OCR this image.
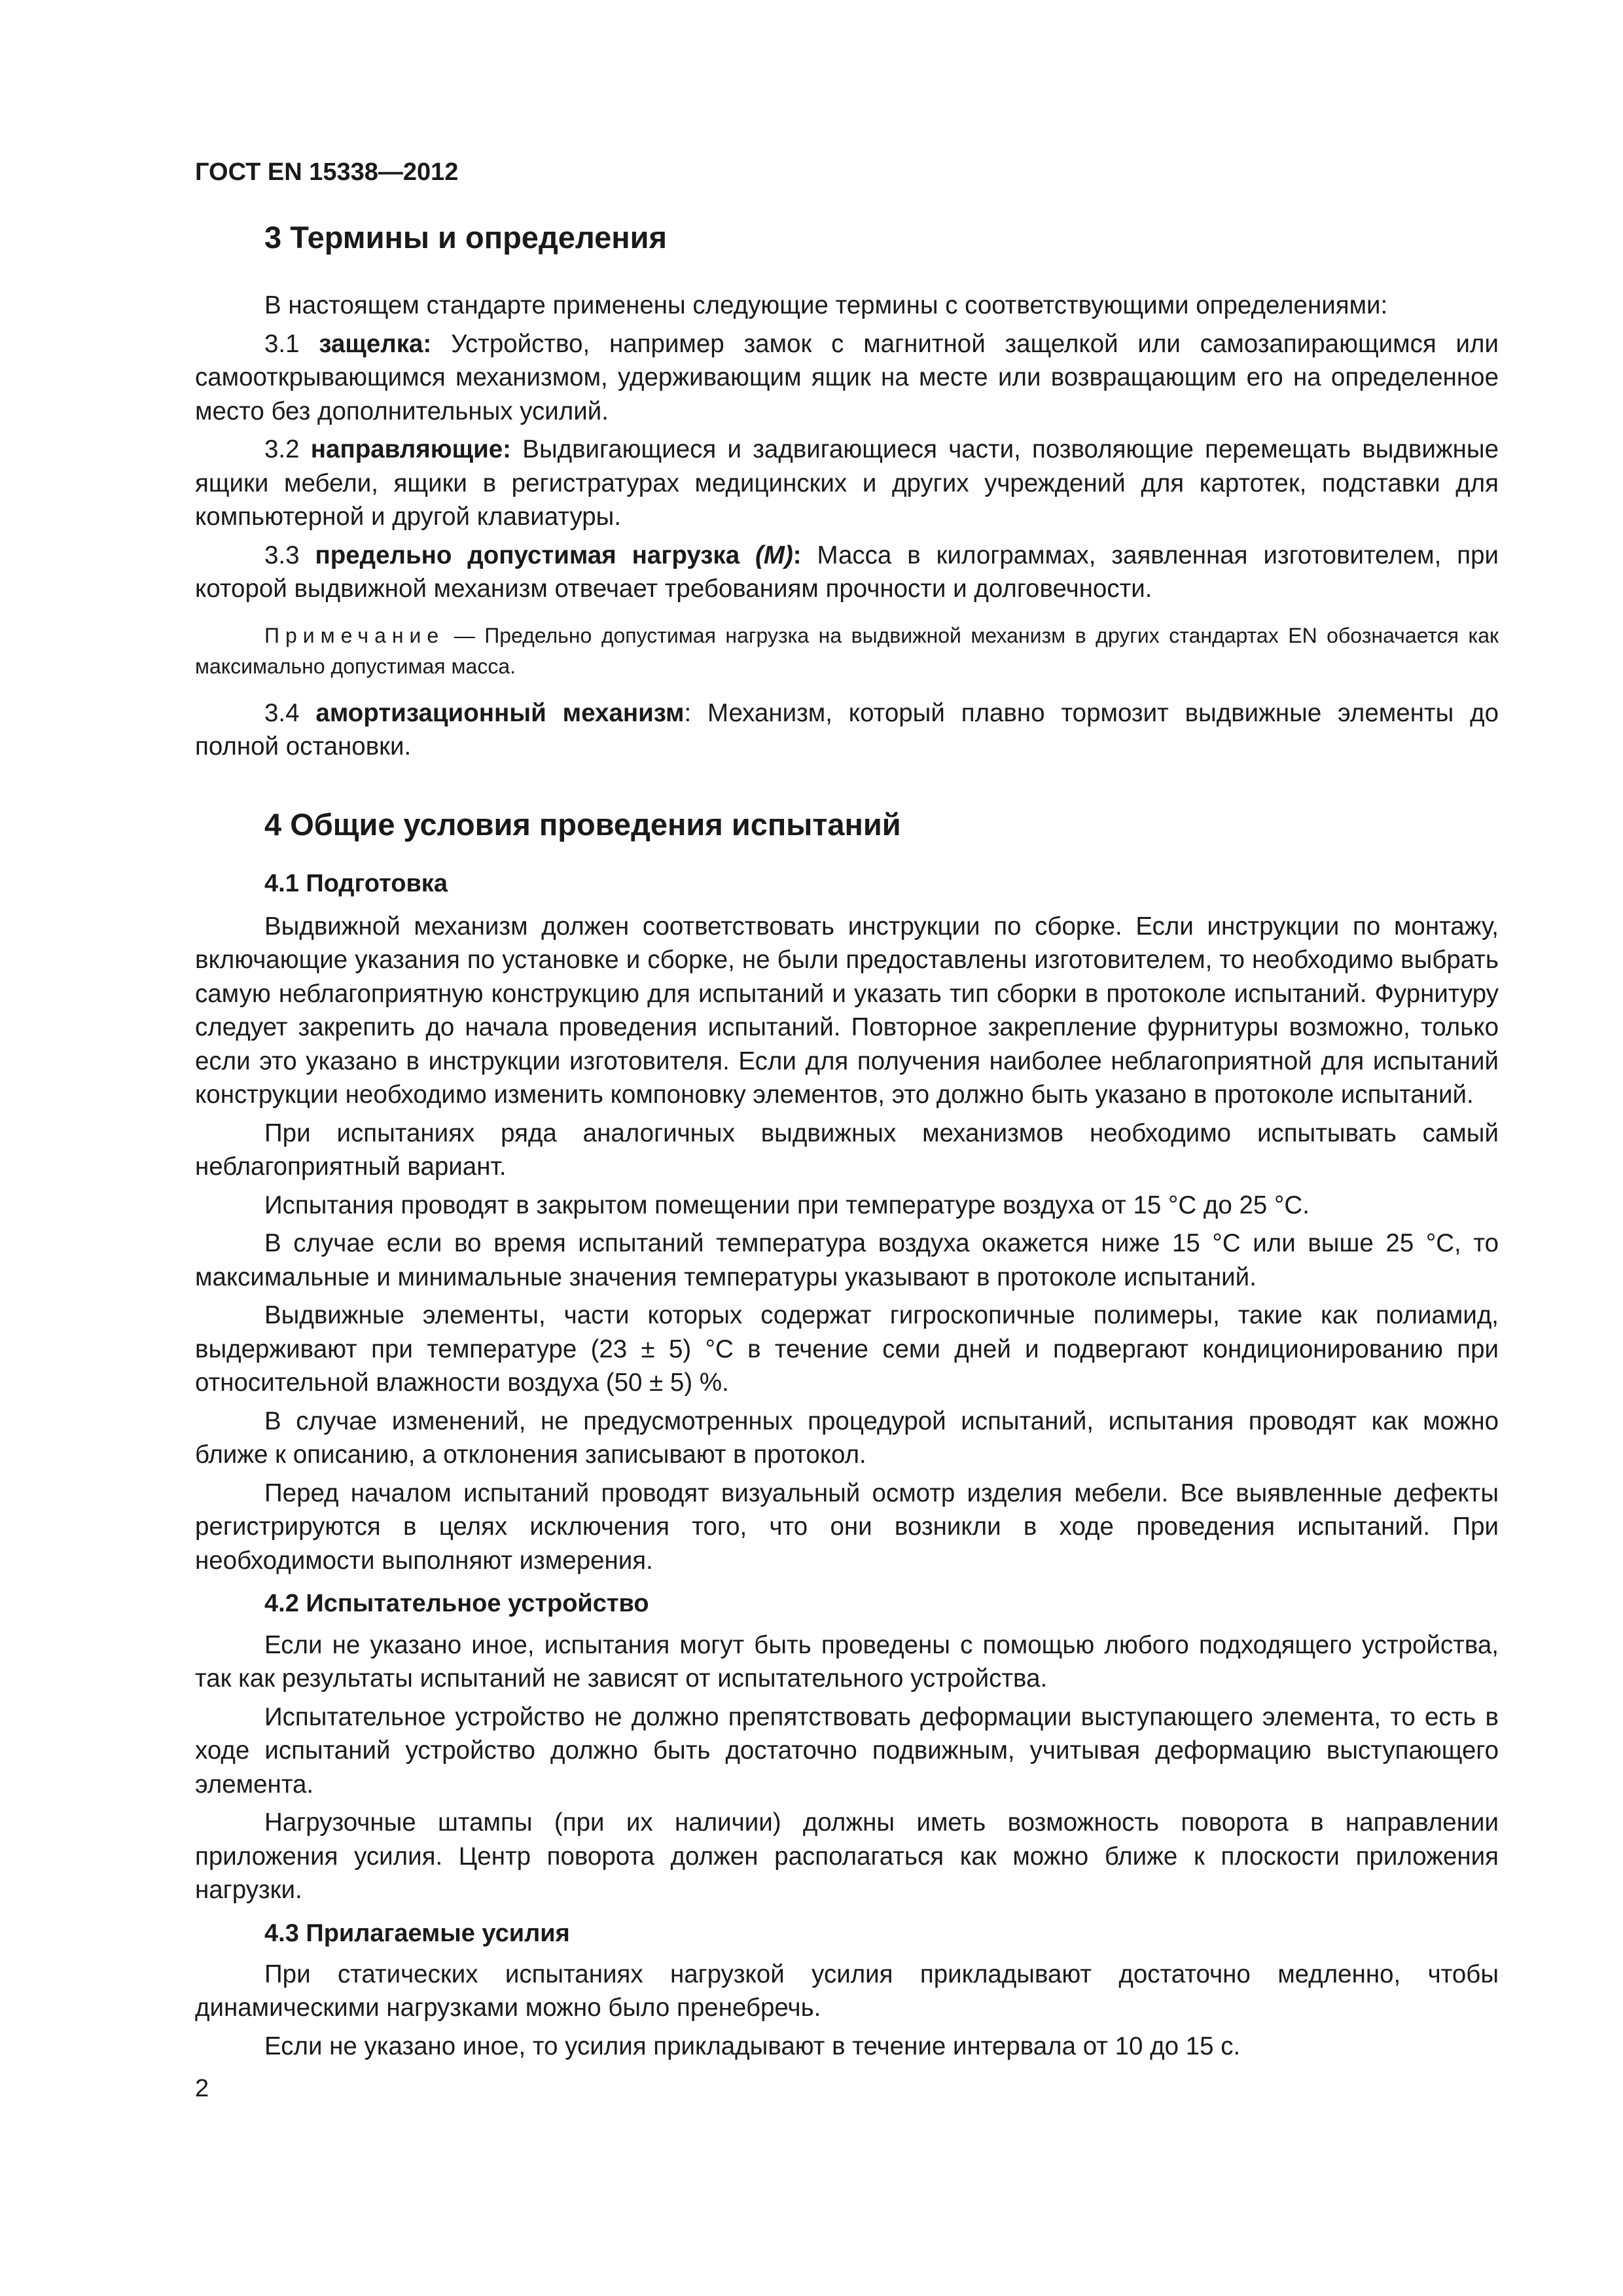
ГОСТ EN 15338—2012
3 Термины и определения

В настоящем стандарте применены следующие термины с соответствующими определениями:

3.1 защелка: Устройство, например замок с магнитной защелкой или самозапирающимся или самооткрывающимся механизмом, удерживающим ящик на месте или возвращающим его на определенное место без дополнительных усилий.

3.2 направляющие: Выдвигающиеся и задвигающиеся части, позволяющие перемещать выдвижные ящики мебели, ящики в регистратурах медицинских и других учреждений для картотек, подставки для компьютерной и другой клавиатуры.

3.3 предельно допустимая нагрузка (М): Масса в килограммах, заявленная изготовителем, при которой выдвижной механизм отвечает требованиям прочности и долговечности.

Примечание — Предельно допустимая нагрузка на выдвижной механизм в других стандартах EN обозначается как максимально допустимая масса.

3.4 амортизационный механизм: Механизм, который плавно тормозит выдвижные элементы до полной остановки.

4 Общие условия проведения испытаний
4.1 Подготовка

Выдвижной механизм должен соответствовать инструкции по сборке. Если инструкции по монтажу, включающие указания по установке и сборке, не были предоставлены изготовителем, то необходимо выбрать самую неблагоприятную конструкцию для испытаний и указать тип сборки в протоколе испытаний. Фурнитуру следует закрепить до начала проведения испытаний. Повторное закрепление фурнитуры возможно, только если это указано в инструкции изготовителя. Если для получения наиболее неблагоприятной для испытаний конструкции необходимо изменить компоновку элементов, это должно быть указано в протоколе испытаний.

При испытаниях ряда аналогичных выдвижных механизмов необходимо испытывать самый неблагоприятный вариант.

Испытания проводят в закрытом помещении при температуре воздуха от 15 °С до 25 °С.

В случае если во время испытаний температура воздуха окажется ниже 15 °С или выше 25 °С, то максимальные и минимальные значения температуры указывают в протоколе испытаний.

Выдвижные элементы, части которых содержат гигроскопичные полимеры, такие как полиамид, выдерживают при температуре (23 ± 5) °С в течение семи дней и подвергают кондиционированию при относительной влажности воздуха (50 ± 5) %.

В случае изменений, не предусмотренных процедурой испытаний, испытания проводят как можно ближе к описанию, а отклонения записывают в протокол.

Перед началом испытаний проводят визуальный осмотр изделия мебели. Все выявленные дефекты регистрируются в целях исключения того, что они возникли в ходе проведения испытаний. При необходимости выполняют измерения.

4.2 Испытательное устройство

Если не указано иное, испытания могут быть проведены с помощью любого подходящего устройства, так как результаты испытаний не зависят от испытательного устройства.

Испытательное устройство не должно препятствовать деформации выступающего элемента, то есть в ходе испытаний устройство должно быть достаточно подвижным, учитывая деформацию выступающего элемента.

Нагрузочные штампы (при их наличии) должны иметь возможность поворота в направлении приложения усилия. Центр поворота должен располагаться как можно ближе к плоскости приложения нагрузки.

4.3 Прилагаемые усилия

При статических испытаниях нагрузкой усилия прикладывают достаточно медленно, чтобы динамическими нагрузками можно было пренебречь.

Если не указано иное, то усилия прикладывают в течение интервала от 10 до 15 с.

2
